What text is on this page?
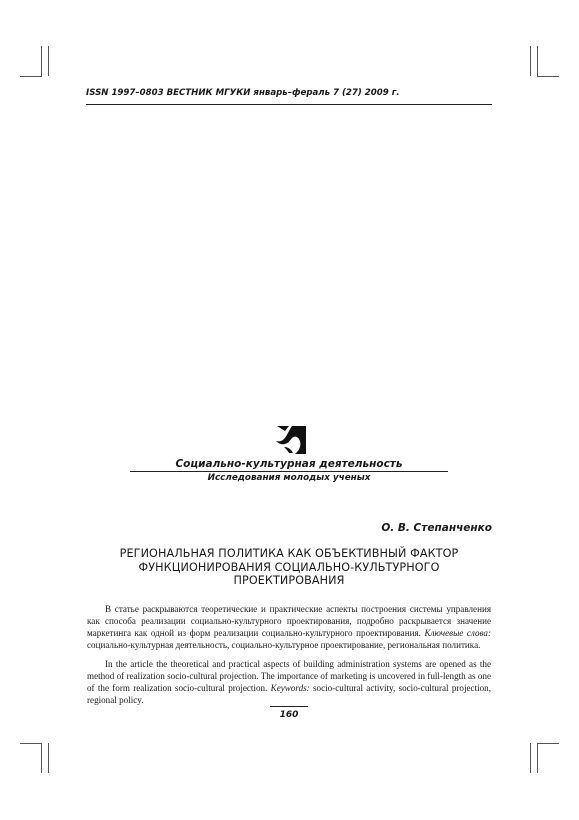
ISSN 1997–0803 ВЕСТНИК МГУКИ январь–фераль 7 (27) 2009 г.
Социально-культурная деятельность
Исследования молодых ученых
О. В. Степанченко
РЕГИОНАЛЬНАЯ ПОЛИТИКА КАК ОБЪЕКТИВНЫЙ ФАКТОР
ФУНКЦИОНИРОВАНИЯ СОЦИАЛЬНО-КУЛЬТУРНОГО
ПРОЕКТИРОВАНИЯ

В статье раскрываются теоретические и практические аспекты построения системы управления как способа реализации социально-культурного проектирования, подробно раскрывается значение маркетинга как одной из форм реализации социально-культурного проектирования. Ключевые слова: социально-культурная деятельность, социально-культурное проектирование, региональная политика.

In the article the theoretical and practical aspects of building administration systems are opened as the method of realization socio-cultural projection. The importance of marketing is uncovered in full-length as one of the form realization socio-cultural projection. Keywords: socio-cultural activity, socio-cultural projection, regional policy.

160
